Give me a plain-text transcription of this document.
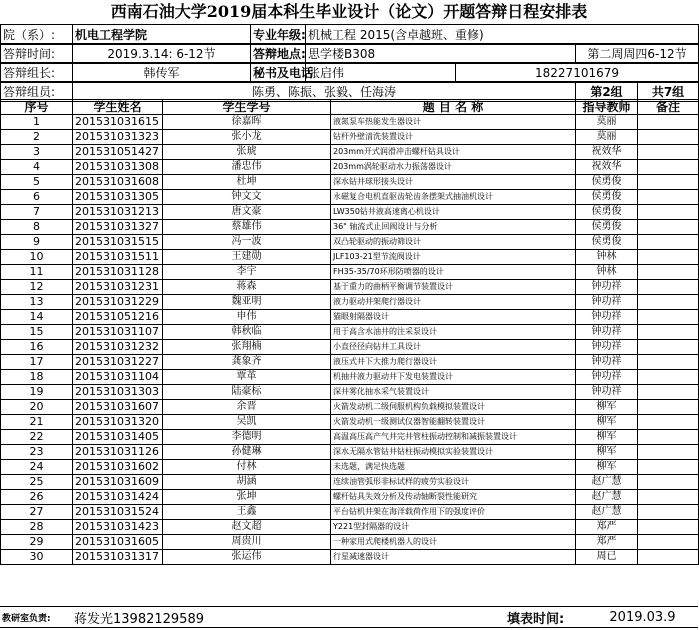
西南石油大学2019届本科生毕业设计（论文）开题答辩日程安排表
院（系）:	机电工程学院	专业年级:	机械工程 2015(含卓越班、重修)
答辩时间:	2019.3.14: 6-12节	答辩地点:	思学楼B308	第二周周四6-12节
答辩组长:	韩传军	秘书及电话	张启伟	18227101679
答辩组员:	陈勇、陈振、张毅、任海涛	第2组	共7组
序号	学生姓名	学生学号	题 目 名 称	指导教师	备注
1	201531031615	徐嘉晖	液氮泵车热能发生器设计	莫丽	
2	201531031323	张小龙	钻杆外壁清洗装置设计	莫丽	
3	201531051427	张琥	203mm开式润滑冲击螺杆钻具设计	祝效华	
4	201531031308	潘忠伟	203mm涡轮驱动水力振荡器设计	祝效华	
5	201531031608	杜坤	深水钻井球形接头设计	侯勇俊	
6	201531031305	钟文文	永磁复合电机直驱齿轮齿条摆架式抽油机设计	侯勇俊	
7	201531031213	唐文豪	LW350钻井液高速离心机设计	侯勇俊	
8	201531031327	蔡雄伟	36" 轴流式止回阀设计与分析	侯勇俊	
9	201531031515	冯一波	双凸轮驱动的振动筛设计	侯勇俊	
10	201531031511	王建勋	JLF103-21型节流阀设计	钟林	
11	201531031128	李宇	FH35-35/70环形防喷器的设计	钟林	
12	201531031231	蒋森	基于重力的曲柄平衡调节装置设计	钟功祥	
13	201531031229	魏亚明	液力驱动井架爬行器设计	钟功祥	
14	201531051216	申伟	猫眼射隔器设计	钟功祥	
15	201531031107	韩秋临	用于高含水油井的注采泵设计	钟功祥	
16	201531031232	张翔楠	小直径径向钻井工具设计	钟功祥	
17	201531031227	龚象齐	液压式井下大推力爬行器设计	钟功祥	
18	201531031104	覃革	机抽井液力驱动井下发电装置设计	钟功祥	
19	201531031303	陆豪标	深井雾化抽水采气装置设计	钟功祥	
20	201531031607	余晋	火箭发动机二级伺服机构负载模拟装置设计	柳军	
21	201531031320	吴凯	火箭发动机一级测试仪器智能翻转装置设计	柳军	
22	201531031405	李德明	高温高压高产气井完井管柱振动控制和减振装置设计	柳军	
23	201531031126	孙健琳	深水无隔水管钻井钻柱振动模拟实验装置设计	柳军	
24	201531031602	付林	未选题，满足快选题	柳军	
25	201531031609	胡涵	连续油管弧形非标试样的疲劳实验设计	赵广慧	
26	201531031424	张坤	螺杆钻具失效分析及传动轴断裂性能研究	赵广慧	
27	201531031524	王鑫	平台钻机井架在海洋载荷作用下的强度评价	赵广慧	
28	201531031423	赵文超	Y221型封隔器的设计	郑严	
29	201531031605	周贵川	一种家用式爬楼机器人的设计	郑严	
30	201531031317	张运伟	行星减速器设计	周已	
教研室负责:	蒋发光13982129589		填表时间:	2019.03.9
